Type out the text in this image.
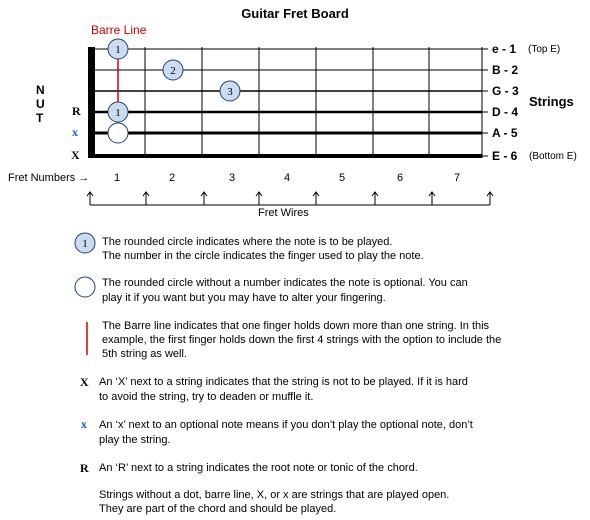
Guitar Fret Board
Barre Line
N
U
T R
x
X
1
2
3
1
1
e - 1 (Top E)
B - 2
G - 3
D - 4
A - 5
E - 6 (Bottom E)
Strings
Fret Numbers →	1	2	3	4	5	6	7
Fret Wires
The rounded circle indicates where the note is to be played.
The number in the circle indicates the finger used to play the note.
The rounded circle without a number indicates the note is optional. You can
play it if you want but you may have to alter your fingering.
The Barre line indicates that one finger holds down more than one string. In this
example, the first finger holds down the first 4 strings with the option to include the
5th string as well.
X An ‘X’ next to a string indicates that the string is not to be played. If it is hard
to avoid the string, try to deaden or muffle it.
x An ‘x’ next to an optional note means if you don’t play the optional note, don’t
play the string.
R An ‘R’ next to a string indicates the root note or tonic of the chord.
Strings without a dot, barre line, X, or x are strings that are played open.
They are part of the chord and should be played.
